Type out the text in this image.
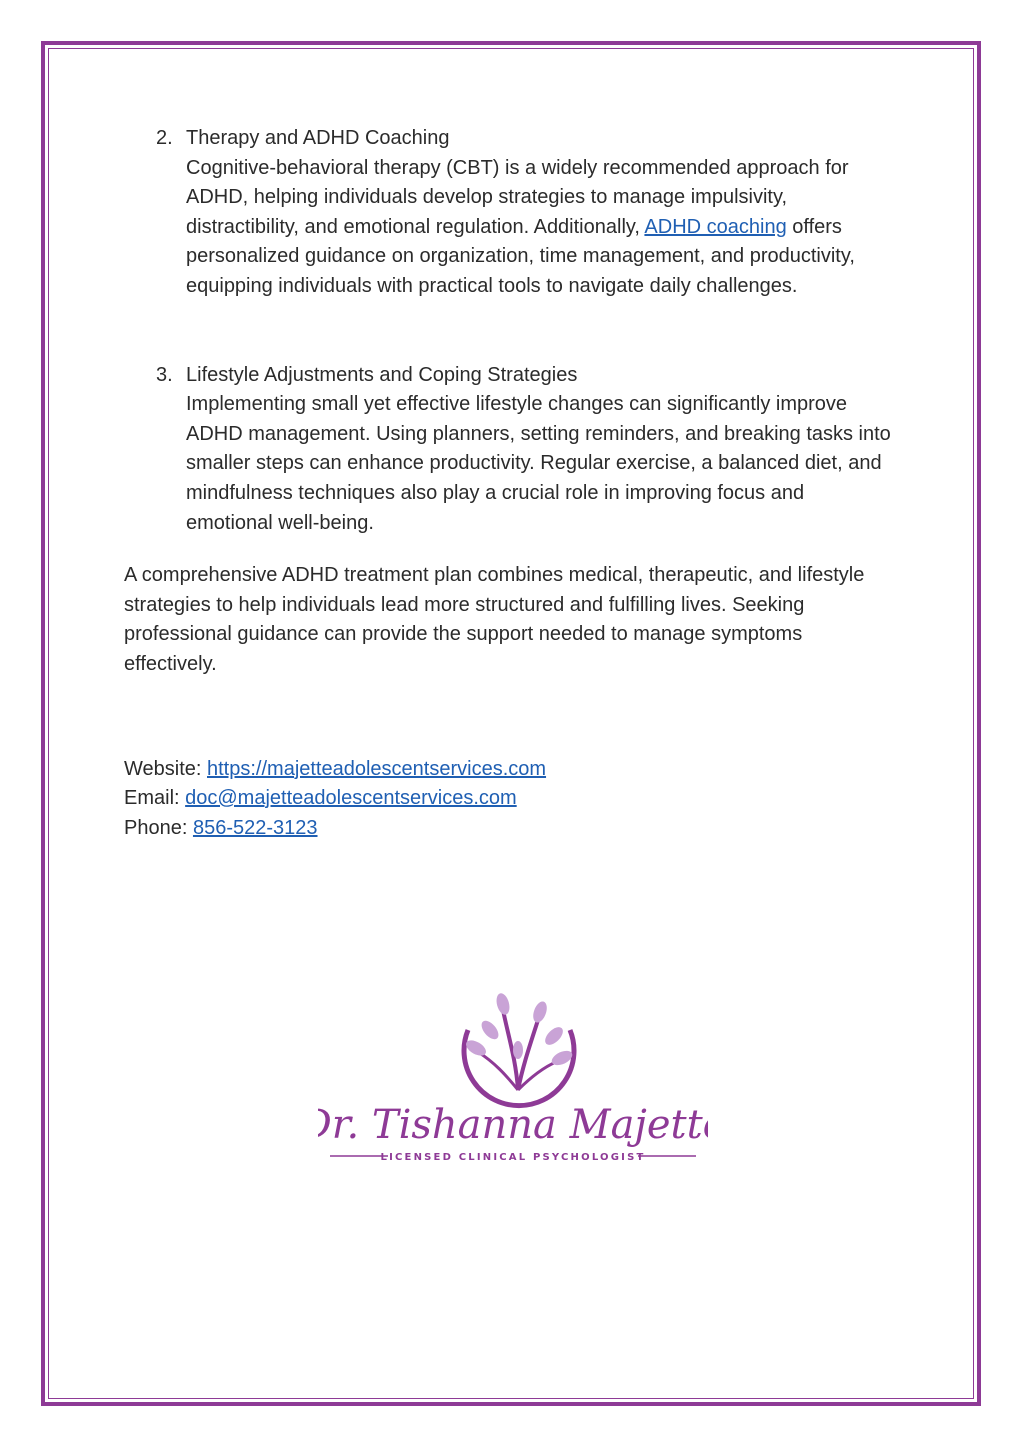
2. Therapy and ADHD Coaching
Cognitive-behavioral therapy (CBT) is a widely recommended approach for ADHD, helping individuals develop strategies to manage impulsivity, distractibility, and emotional regulation. Additionally, ADHD coaching offers personalized guidance on organization, time management, and productivity, equipping individuals with practical tools to navigate daily challenges.
3. Lifestyle Adjustments and Coping Strategies
Implementing small yet effective lifestyle changes can significantly improve ADHD management. Using planners, setting reminders, and breaking tasks into smaller steps can enhance productivity. Regular exercise, a balanced diet, and mindfulness techniques also play a crucial role in improving focus and emotional well-being.
A comprehensive ADHD treatment plan combines medical, therapeutic, and lifestyle strategies to help individuals lead more structured and fulfilling lives. Seeking professional guidance can provide the support needed to manage symptoms effectively.
Website: https://majetteadolescentservices.com
Email: doc@majetteadolescentservices.com
Phone: 856-522-3123
Dr. Tishanna Majette
LICENSED CLINICAL PSYCHOLOGIST
